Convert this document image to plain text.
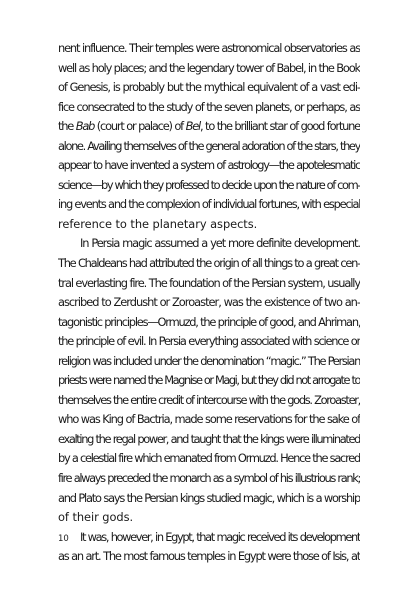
nent influence. Their temples were astronomical observatories as
well as holy places; and the legendary tower of Babel, in the Book
of Genesis, is probably but the mythical equivalent of a vast edi-
fice consecrated to the study of the seven planets, or perhaps, as
the Bab (court or palace) of Bel, to the brilliant star of good fortune
alone. Availing themselves of the general adoration of the stars, they
appear to have invented a system of astrology—the apotelesmatic
science—by which they professed to decide upon the nature of com-
ing events and the complexion of individual fortunes, with especial
reference to the planetary aspects.

In Persia magic assumed a yet more definite development.
The Chaldeans had attributed the origin of all things to a great cen-
tral everlasting fire. The foundation of the Persian system, usually
ascribed to Zerdusht or Zoroaster, was the existence of two an-
tagonistic principles—Ormuzd, the principle of good, and Ahriman,
the principle of evil. In Persia everything associated with science or
religion was included under the denomination “magic.” The Persian
priests were named the Magnise or Magi, but they did not arrogate to
themselves the entire credit of intercourse with the gods. Zoroaster,
who was King of Bactria, made some reservations for the sake of
exalting the regal power, and taught that the kings were illuminated
by a celestial fire which emanated from Ormuzd. Hence the sacred
fire always preceded the monarch as a symbol of his illustrious rank;
and Plato says the Persian kings studied magic, which is a worship
of their gods.

It was, however, in Egypt, that magic received its development
as an art. The most famous temples in Egypt were those of Isis, at

10
